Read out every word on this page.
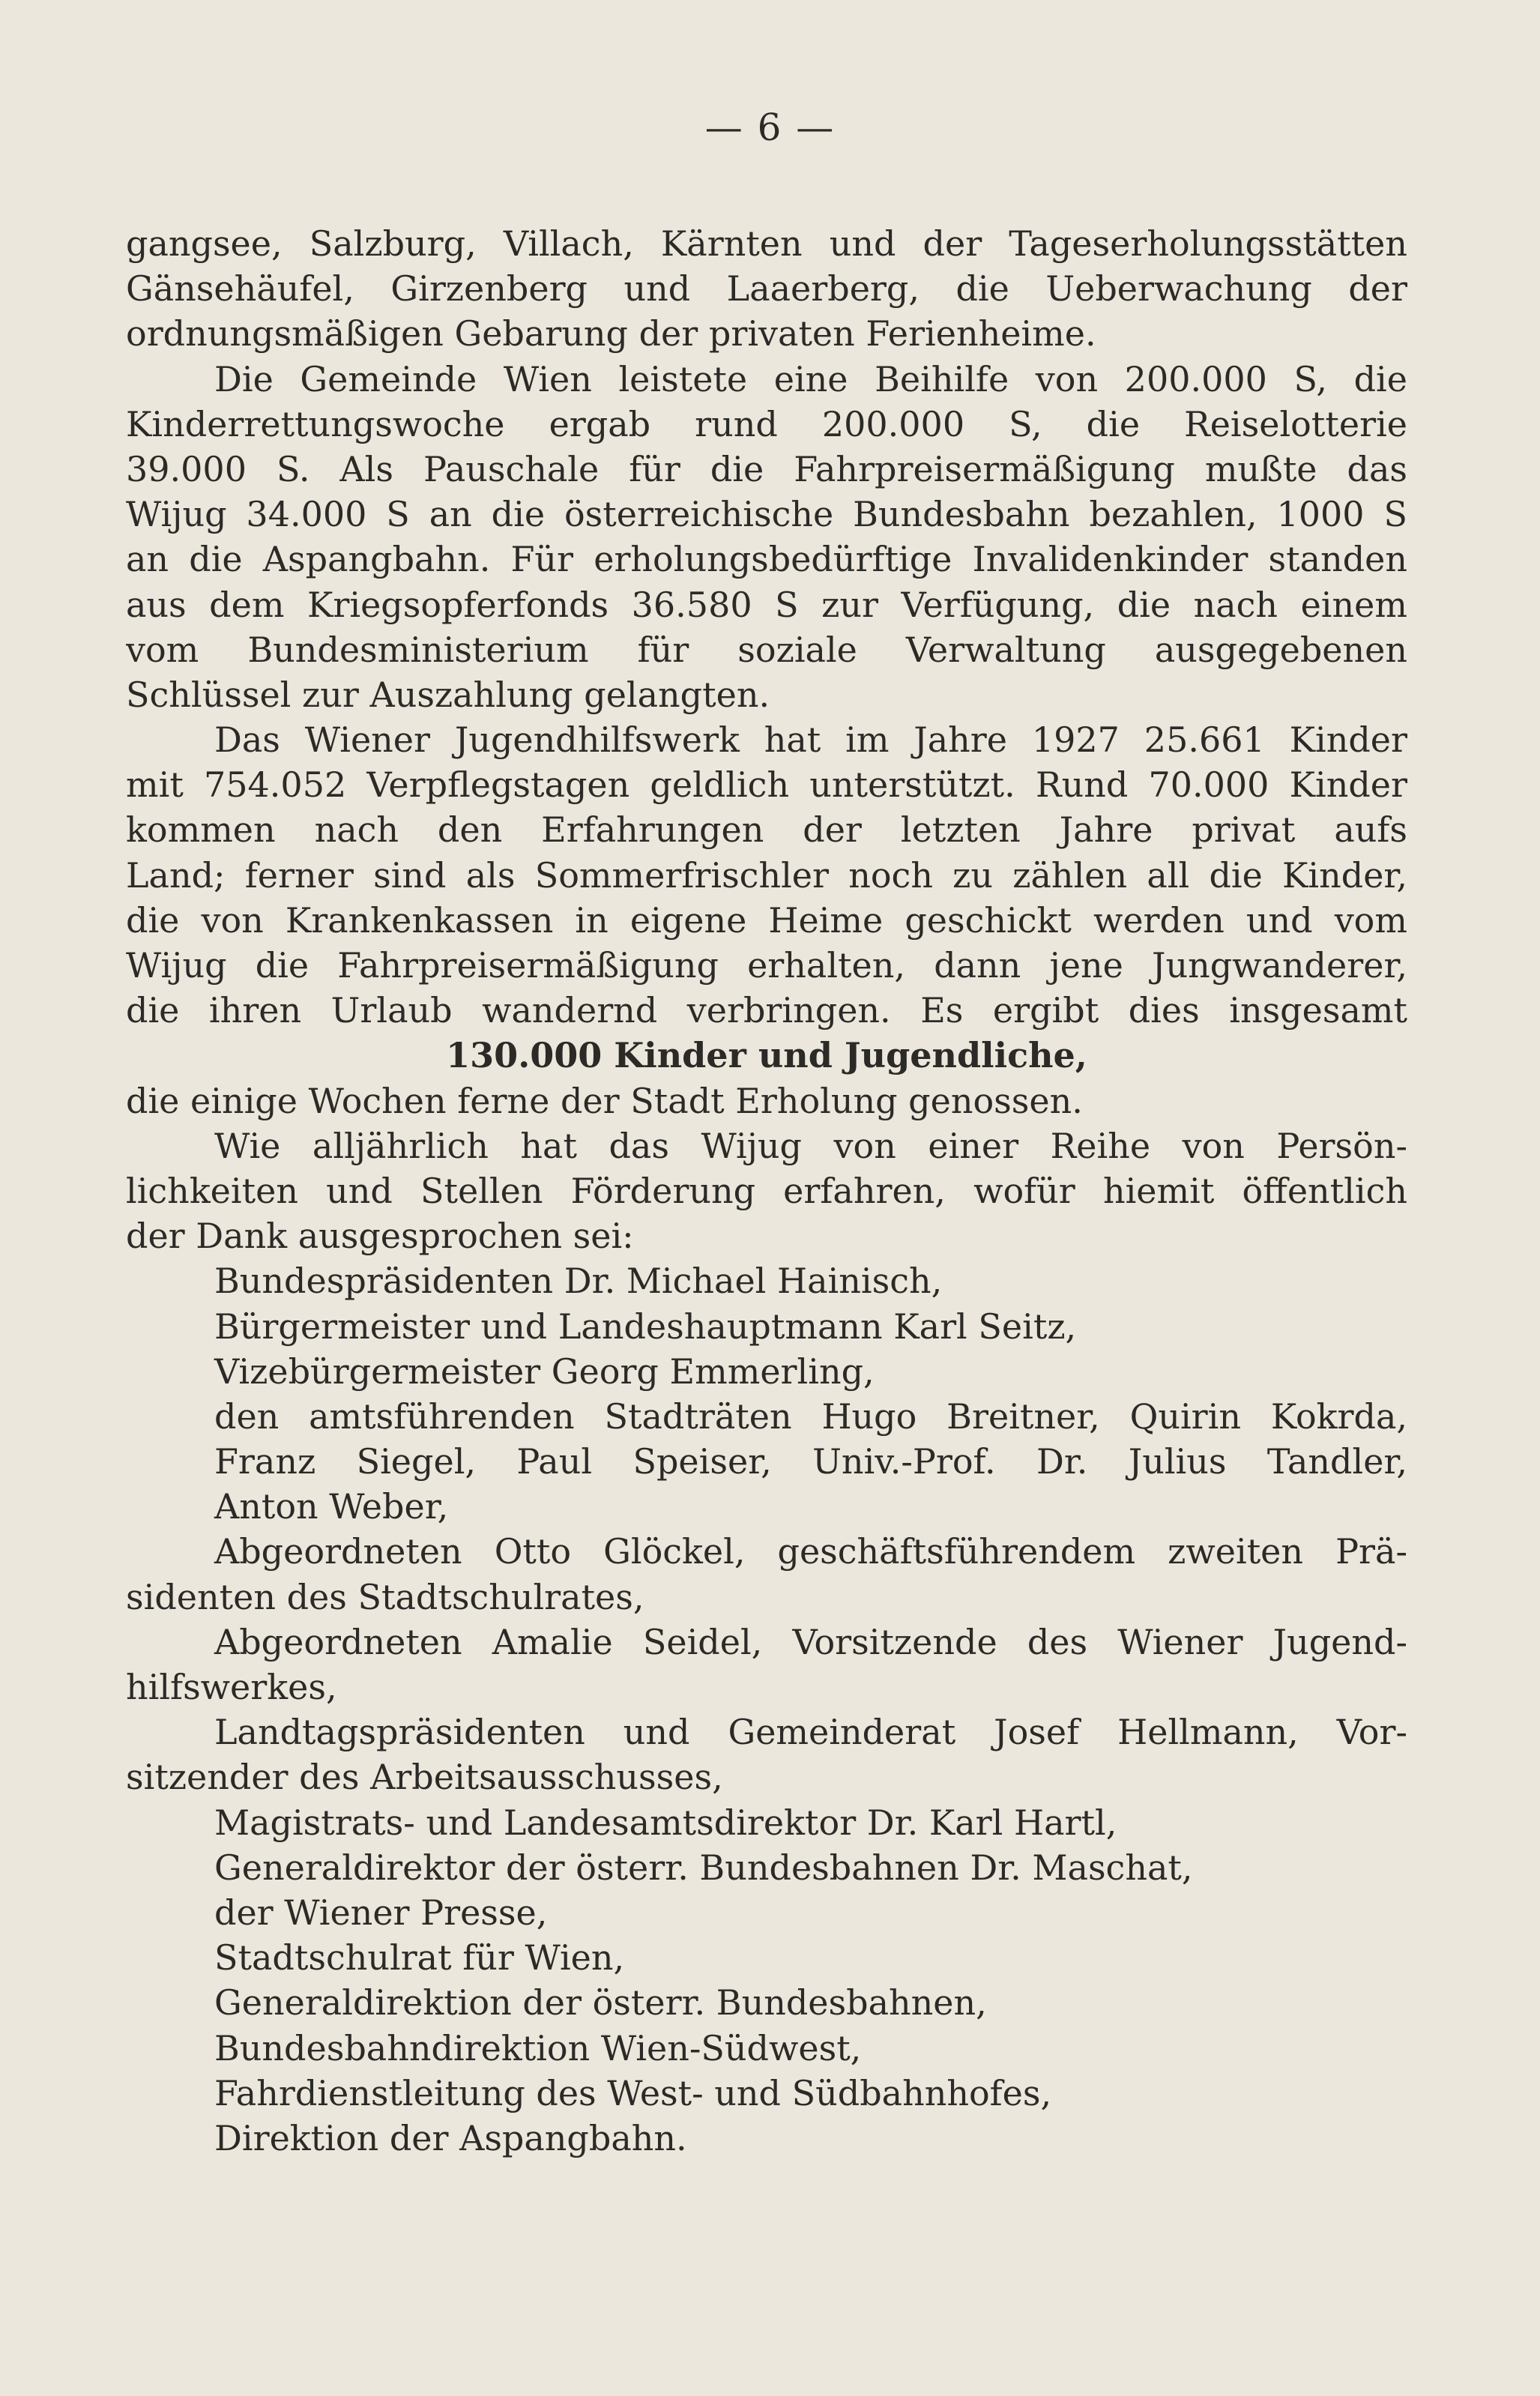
— 6 —
gangsee, Salzburg, Villach, Kärnten und der Tageserholungsstätten
Gänsehäufel, Girzenberg und Laaerberg, die Ueberwachung der
ordnungsmäßigen Gebarung der privaten Ferienheime.
Die Gemeinde Wien leistete eine Beihilfe von 200.000 S, die
Kinderrettungswoche ergab rund 200.000 S, die Reiselotterie
39.000 S. Als Pauschale für die Fahrpreisermäßigung mußte das
Wijug 34.000 S an die österreichische Bundesbahn bezahlen, 1000 S
an die Aspangbahn. Für erholungsbedürftige Invalidenkinder standen
aus dem Kriegsopferfonds 36.580 S zur Verfügung, die nach einem
vom Bundesministerium für soziale Verwaltung ausgegebenen
Schlüssel zur Auszahlung gelangten.
Das Wiener Jugendhilfswerk hat im Jahre 1927 25.661 Kinder
mit 754.052 Verpflegstagen geldlich unterstützt. Rund 70.000 Kinder
kommen nach den Erfahrungen der letzten Jahre privat aufs
Land; ferner sind als Sommerfrischler noch zu zählen all die Kinder,
die von Krankenkassen in eigene Heime geschickt werden und vom
Wijug die Fahrpreisermäßigung erhalten, dann jene Jungwanderer,
die ihren Urlaub wandernd verbringen. Es ergibt dies insgesamt
130.000 Kinder und Jugendliche,
die einige Wochen ferne der Stadt Erholung genossen.
Wie alljährlich hat das Wijug von einer Reihe von Persön-
lichkeiten und Stellen Förderung erfahren, wofür hiemit öffentlich
der Dank ausgesprochen sei:
Bundespräsidenten Dr. Michael Hainisch,
Bürgermeister und Landeshauptmann Karl Seitz,
Vizebürgermeister Georg Emmerling,
den amtsführenden Stadträten Hugo Breitner, Quirin Kokrda,
Franz Siegel, Paul Speiser, Univ.-Prof. Dr. Julius Tandler,
Anton Weber,
Abgeordneten Otto Glöckel, geschäftsführendem zweiten Prä-
sidenten des Stadtschulrates,
Abgeordneten Amalie Seidel, Vorsitzende des Wiener Jugend-
hilfswerkes,
Landtagspräsidenten und Gemeinderat Josef Hellmann, Vor-
sitzender des Arbeitsausschusses,
Magistrats- und Landesamtsdirektor Dr. Karl Hartl,
Generaldirektor der österr. Bundesbahnen Dr. Maschat,
der Wiener Presse,
Stadtschulrat für Wien,
Generaldirektion der österr. Bundesbahnen,
Bundesbahndirektion Wien-Südwest,
Fahrdienstleitung des West- und Südbahnhofes,
Direktion der Aspangbahn.
